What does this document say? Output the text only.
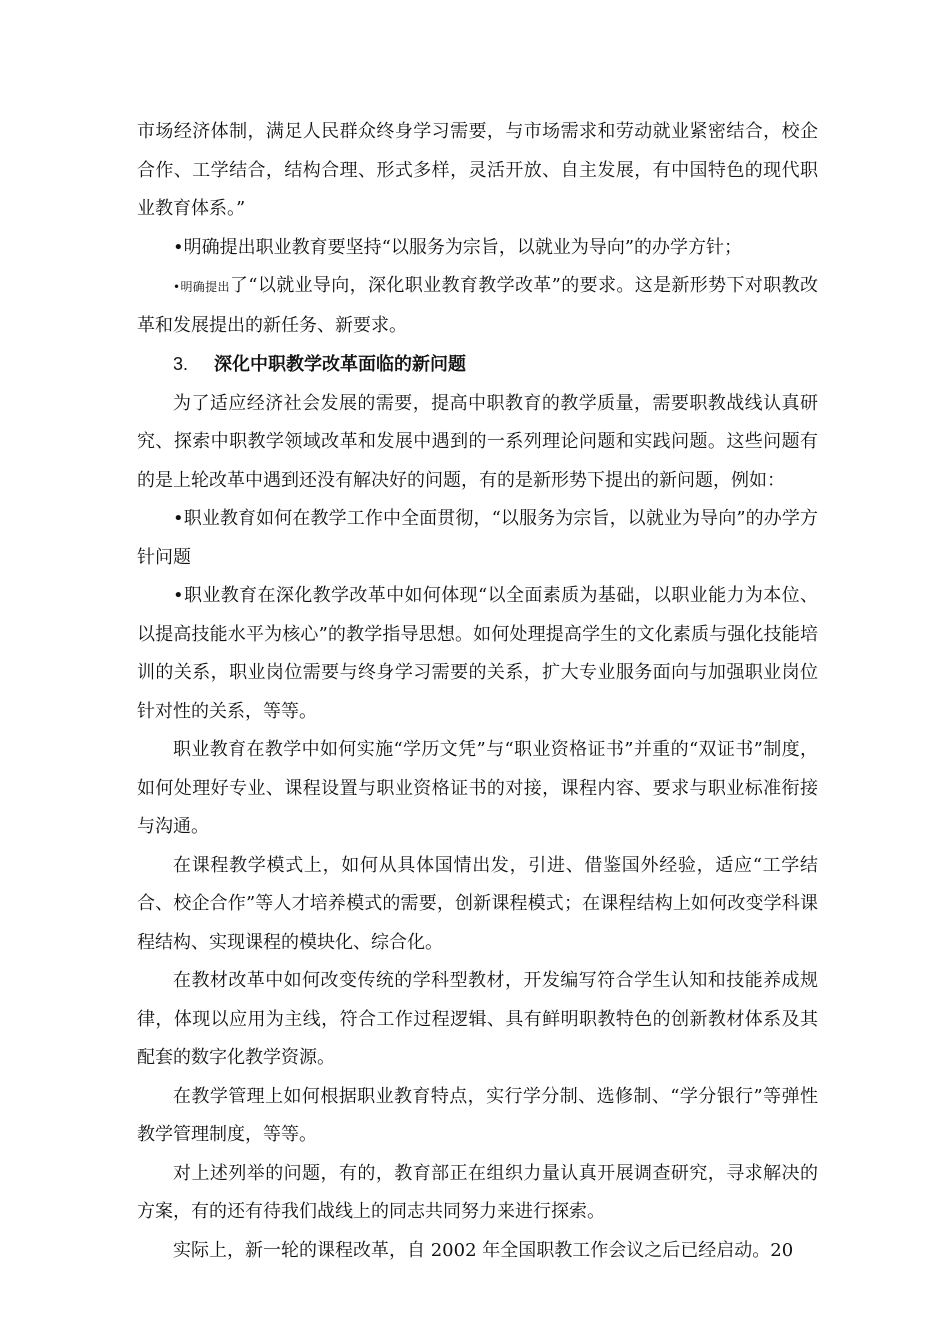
市场经济体制，满足人民群众终身学习需要，与市场需求和劳动就业紧密结合，校企合作、工学结合，结构合理、形式多样，灵活开放、自主发展，有中国特色的现代职业教育体系。”

•明确提出职业教育要坚持“以服务为宗旨，以就业为导向”的办学方针；

•明确提出了“以就业导向，深化职业教育教学改革”的要求。这是新形势下对职教改革和发展提出的新任务、新要求。

3. 深化中职教学改革面临的新问题

为了适应经济社会发展的需要，提高中职教育的教学质量，需要职教战线认真研究、探索中职教学领域改革和发展中遇到的一系列理论问题和实践问题。这些问题有的是上轮改革中遇到还没有解决好的问题，有的是新形势下提出的新问题，例如：

•职业教育如何在教学工作中全面贯彻，“以服务为宗旨，以就业为导向”的办学方针问题

•职业教育在深化教学改革中如何体现“以全面素质为基础，以职业能力为本位、以提高技能水平为核心”的教学指导思想。如何处理提高学生的文化素质与强化技能培训的关系，职业岗位需要与终身学习需要的关系，扩大专业服务面向与加强职业岗位针对性的关系，等等。

职业教育在教学中如何实施“学历文凭”与“职业资格证书”并重的“双证书”制度，如何处理好专业、课程设置与职业资格证书的对接，课程内容、要求与职业标准衔接与沟通。

在课程教学模式上，如何从具体国情出发，引进、借鉴国外经验，适应“工学结合、校企合作”等人才培养模式的需要，创新课程模式；在课程结构上如何改变学科课程结构、实现课程的模块化、综合化。

在教材改革中如何改变传统的学科型教材，开发编写符合学生认知和技能养成规律，体现以应用为主线，符合工作过程逻辑、具有鲜明职教特色的创新教材体系及其配套的数字化教学资源。

在教学管理上如何根据职业教育特点，实行学分制、选修制、“学分银行”等弹性教学管理制度，等等。

对上述列举的问题，有的，教育部正在组织力量认真开展调查研究，寻求解决的方案，有的还有待我们战线上的同志共同努力来进行探索。

实际上，新一轮的课程改革，自 2002 年全国职教工作会议之后已经启动。20
